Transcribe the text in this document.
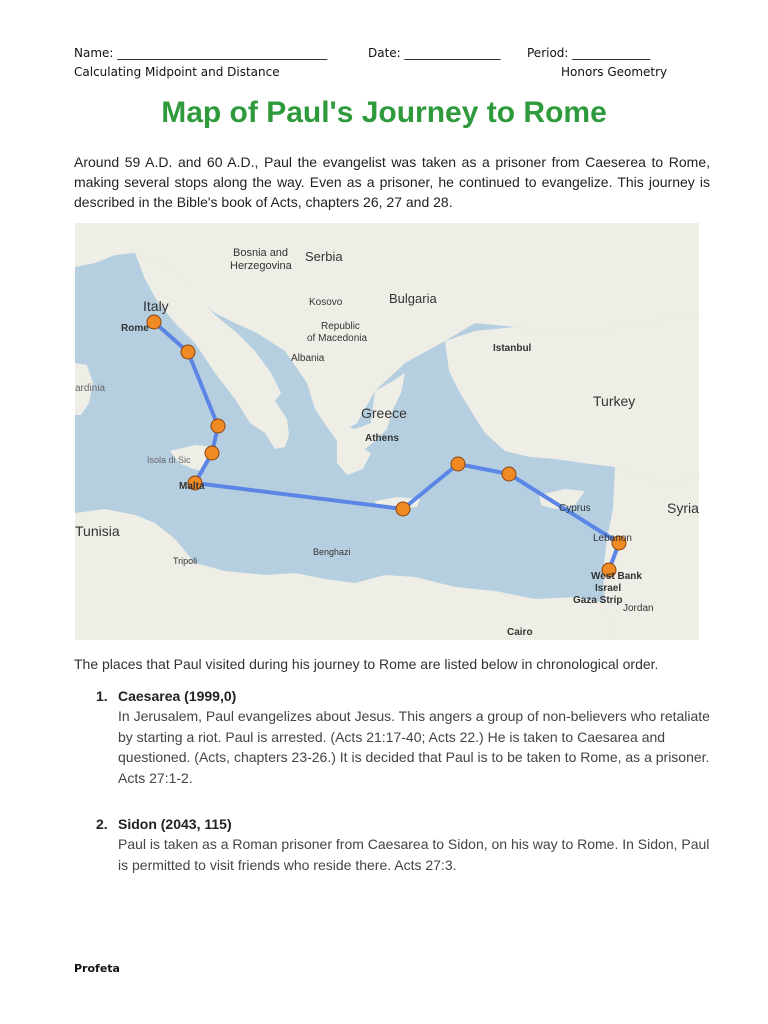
Name: ___________________________________	Date: ________________ Period: _____________
Calculating Midpoint and Distance	Honors Geometry
Map of Paul's Journey to Rome
Around 59 A.D. and 60 A.D., Paul the evangelist was taken as a prisoner from Caeserea to Rome, making several stops along the way. Even as a prisoner, he continued to evangelize. This journey is described in the Bible's book of Acts, chapters 26, 27 and 28.
Bosnia and
Herzegovina
Serbia
Italy
Rome
Kosovo	Bulgaria
Republic
of Macedonia
Albania
Istanbul
ardinia
Turkey
Greece
Athens
Isola di Sic
Malta
Cyprus	Syria
Tunisia	Lebanon
Tripoli
West Bank
Israel
Gaza Strip
Benghazi
Jordan
Cairo
The places that Paul visited during his journey to Rome are listed below in chronological order.
1. Caesarea (1999,0)
In Jerusalem, Paul evangelizes about Jesus. This angers a group of non-believers who retaliate by starting a riot. Paul is arrested. (Acts 21:17-40; Acts 22.) He is taken to Caesarea and questioned. (Acts, chapters 23-26.) It is decided that Paul is to be taken to Rome, as a prisoner. Acts 27:1-2.
2. Sidon (2043, 115)
Paul is taken as a Roman prisoner from Caesarea to Sidon, on his way to Rome. In Sidon, Paul is permitted to visit friends who reside there. Acts 27:3.
Profeta
